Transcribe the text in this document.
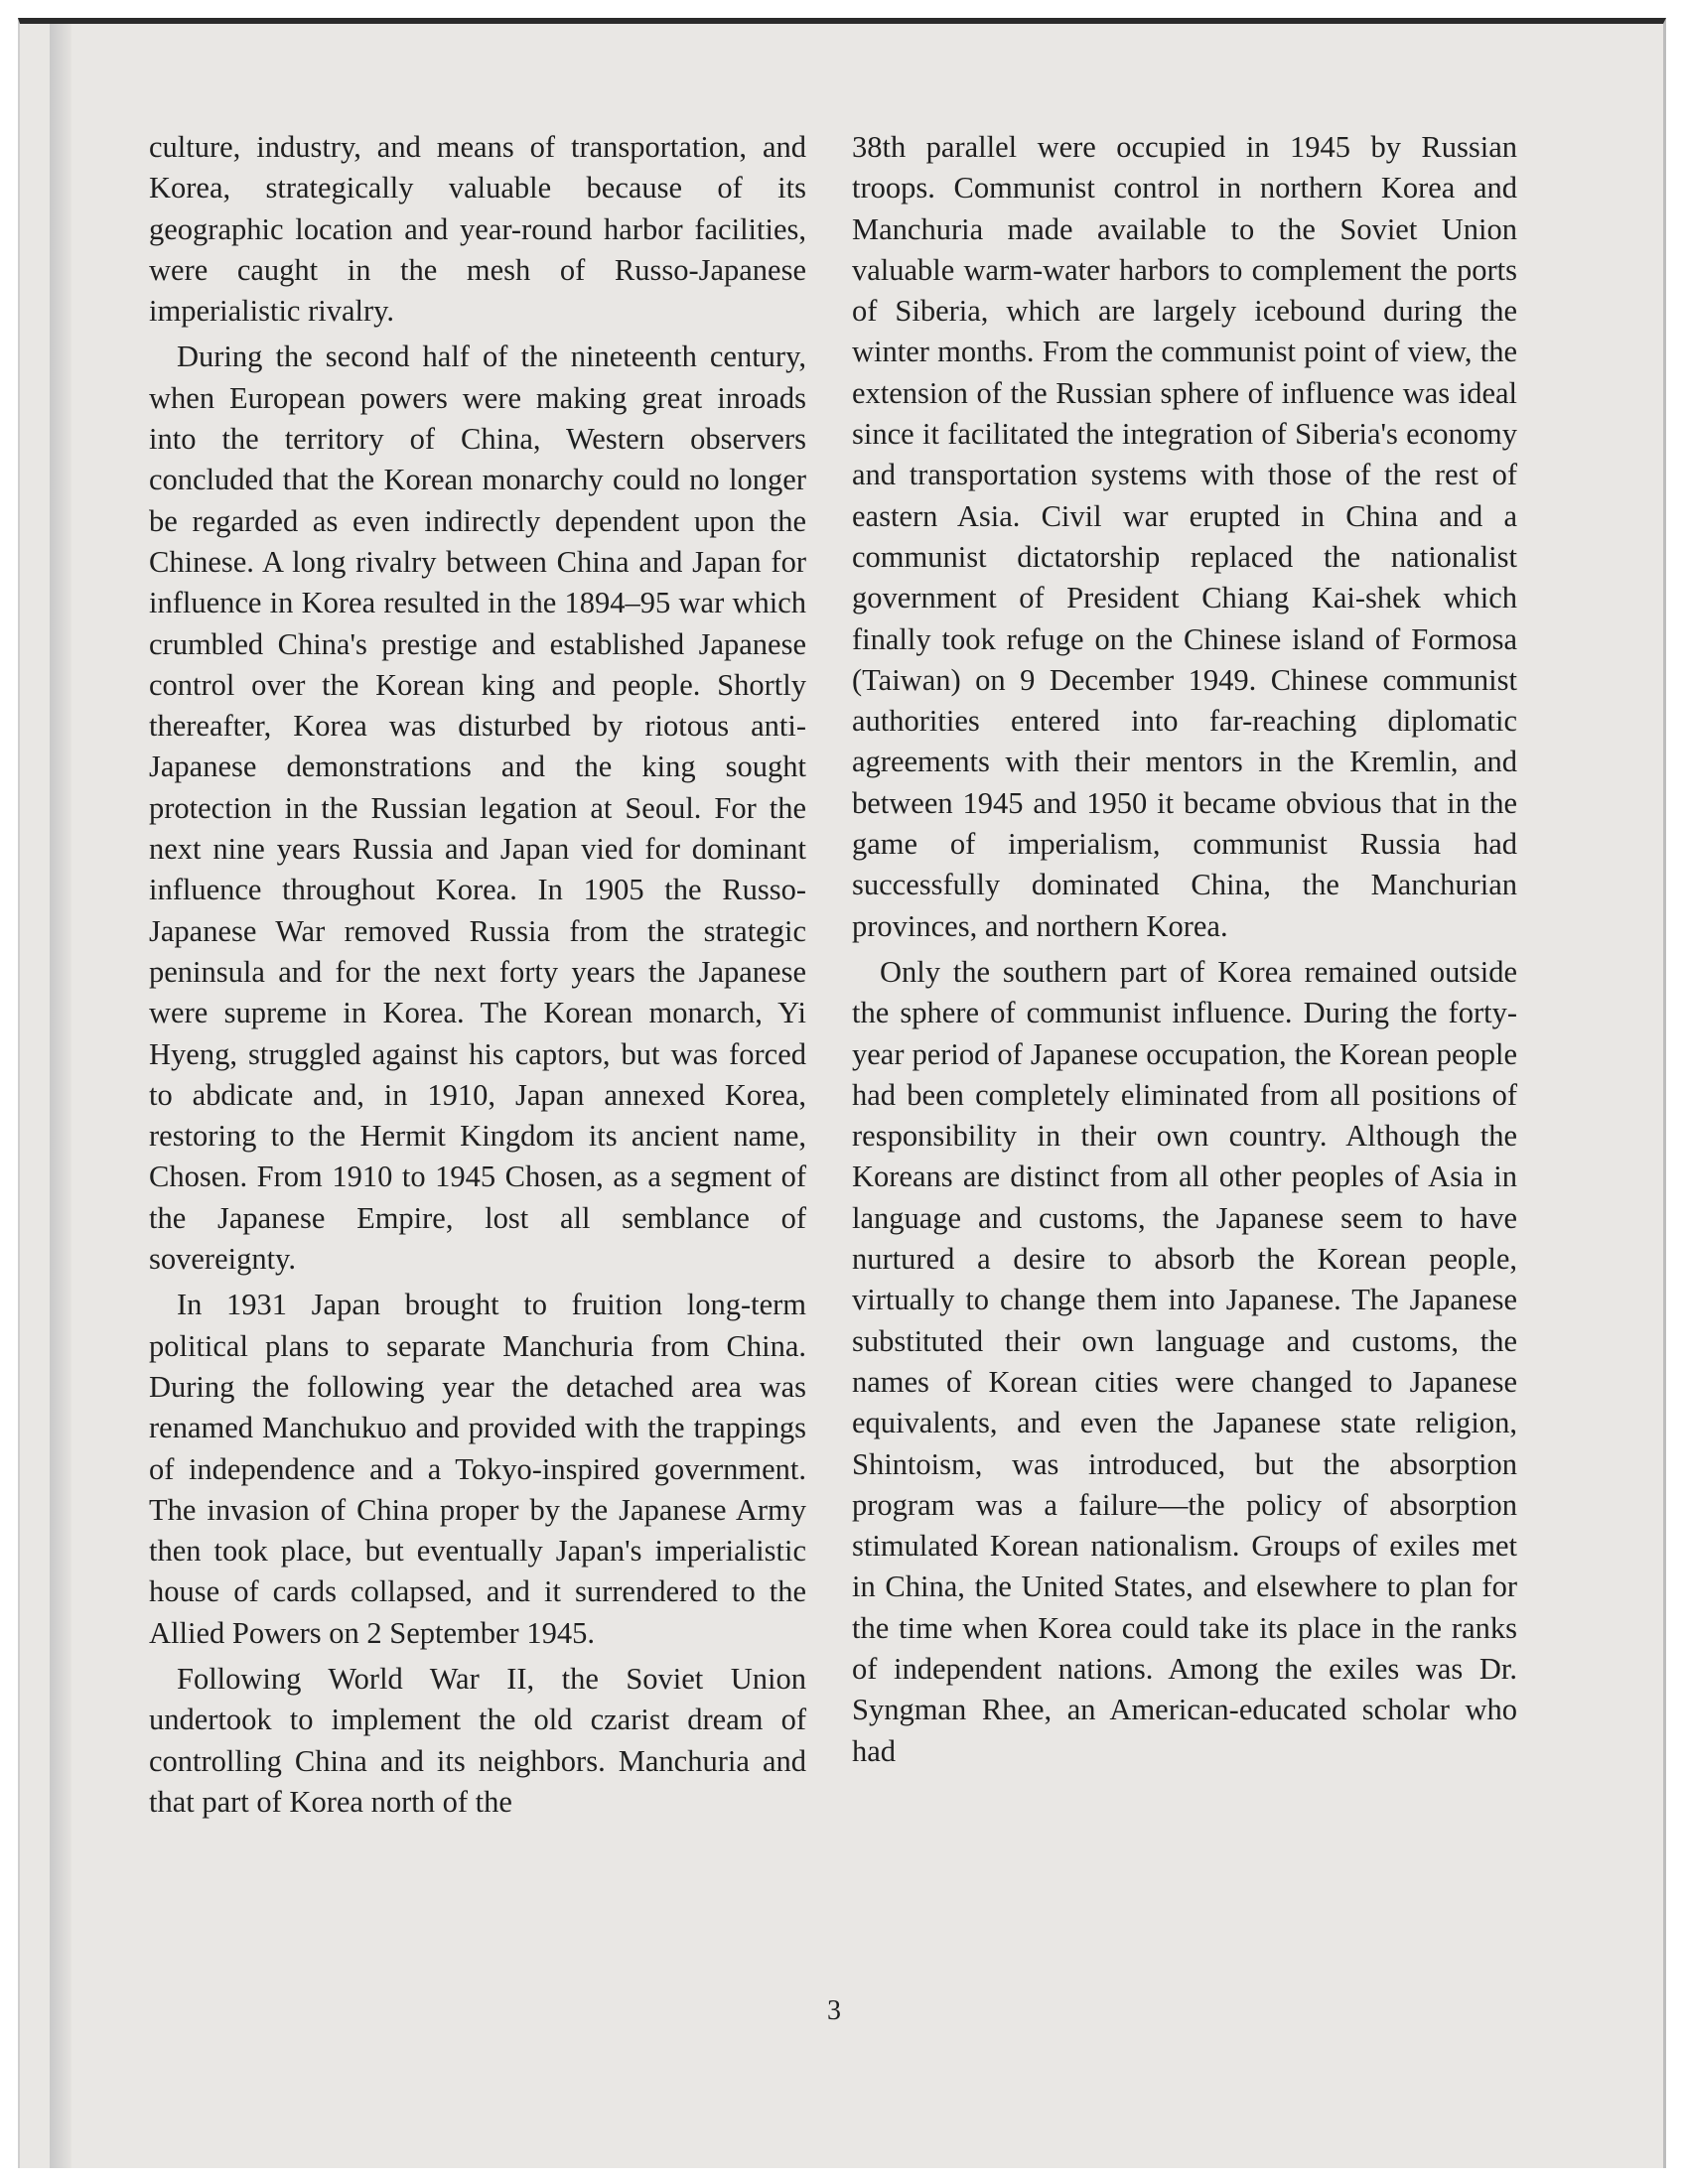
culture, industry, and means of transportation, and Korea, strategically valuable because of its geographic location and year-round harbor facilities, were caught in the mesh of Russo-Japanese imperialistic rivalry.

During the second half of the nineteenth century, when European powers were making great inroads into the territory of China, Western observers concluded that the Korean monarchy could no longer be regarded as even indirectly dependent upon the Chinese. A long rivalry between China and Japan for influence in Korea resulted in the 1894–95 war which crumbled China's prestige and established Japanese control over the Korean king and people. Shortly thereafter, Korea was disturbed by riotous anti-Japanese demonstrations and the king sought protection in the Russian legation at Seoul. For the next nine years Russia and Japan vied for dominant influence throughout Korea. In 1905 the Russo-Japanese War removed Russia from the strategic peninsula and for the next forty years the Japanese were supreme in Korea. The Korean monarch, Yi Hyeng, struggled against his captors, but was forced to abdicate and, in 1910, Japan annexed Korea, restoring to the Hermit Kingdom its ancient name, Chosen. From 1910 to 1945 Chosen, as a segment of the Japanese Empire, lost all semblance of sovereignty.

In 1931 Japan brought to fruition long-term political plans to separate Manchuria from China. During the following year the detached area was renamed Manchukuo and provided with the trappings of independence and a Tokyo-inspired government. The invasion of China proper by the Japanese Army then took place, but eventually Japan's imperialistic house of cards collapsed, and it surrendered to the Allied Powers on 2 September 1945.

Following World War II, the Soviet Union undertook to implement the old czarist dream of controlling China and its neighbors. Manchuria and that part of Korea north of the

38th parallel were occupied in 1945 by Russian troops. Communist control in northern Korea and Manchuria made available to the Soviet Union valuable warm-water harbors to complement the ports of Siberia, which are largely icebound during the winter months. From the communist point of view, the extension of the Russian sphere of influence was ideal since it facilitated the integration of Siberia's economy and transportation systems with those of the rest of eastern Asia. Civil war erupted in China and a communist dictatorship replaced the nationalist government of President Chiang Kai-shek which finally took refuge on the Chinese island of Formosa (Taiwan) on 9 December 1949. Chinese communist authorities entered into far-reaching diplomatic agreements with their mentors in the Kremlin, and between 1945 and 1950 it became obvious that in the game of imperialism, communist Russia had successfully dominated China, the Manchurian provinces, and northern Korea.

Only the southern part of Korea remained outside the sphere of communist influence. During the forty-year period of Japanese occupation, the Korean people had been completely eliminated from all positions of responsibility in their own country. Although the Koreans are distinct from all other peoples of Asia in language and customs, the Japanese seem to have nurtured a desire to absorb the Korean people, virtually to change them into Japanese. The Japanese substituted their own language and customs, the names of Korean cities were changed to Japanese equivalents, and even the Japanese state religion, Shintoism, was introduced, but the absorption program was a failure—the policy of absorption stimulated Korean nationalism. Groups of exiles met in China, the United States, and elsewhere to plan for the time when Korea could take its place in the ranks of independent nations. Among the exiles was Dr. Syngman Rhee, an American-educated scholar who had

3
